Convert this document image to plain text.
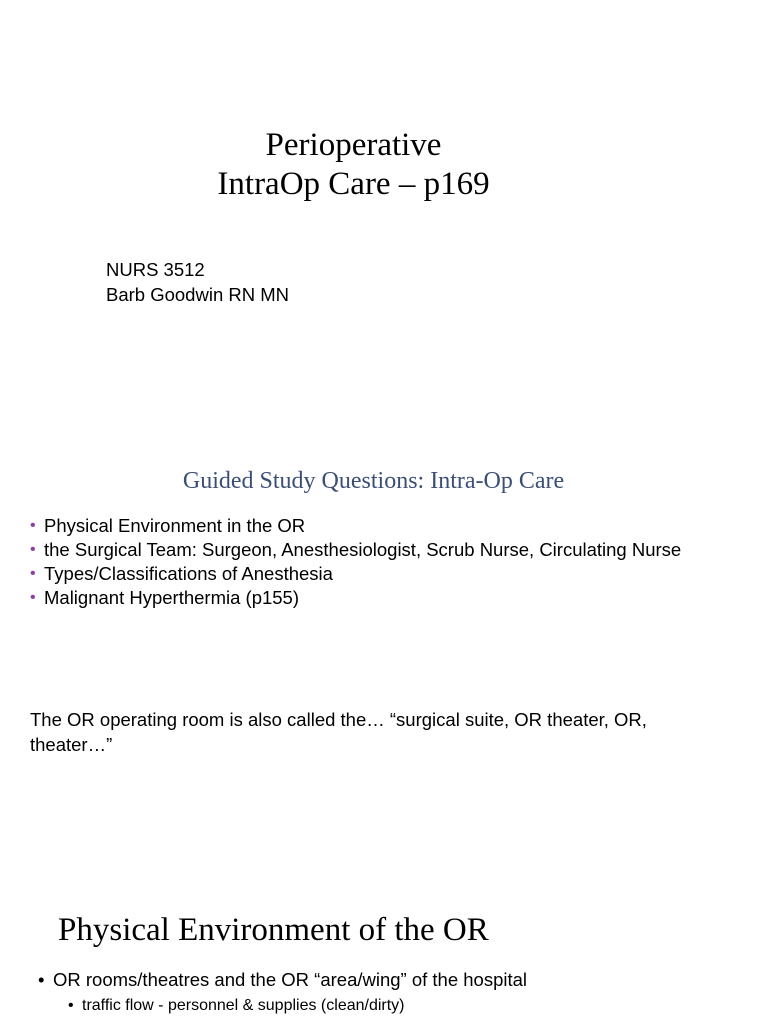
Perioperative
IntraOp Care – p169
NURS 3512
Barb Goodwin RN MN
Guided Study Questions: Intra-Op Care
• Physical Environment in the OR
• the Surgical Team: Surgeon, Anesthesiologist, Scrub Nurse, Circulating Nurse
• Types/Classifications of Anesthesia
• Malignant Hyperthermia (p155)
The OR operating room is also called the… “surgical suite, OR theater, OR, theater…”
Physical Environment of the OR
• OR rooms/theatres and the OR “area/wing” of the hospital
• traffic flow - personnel & supplies (clean/dirty)
